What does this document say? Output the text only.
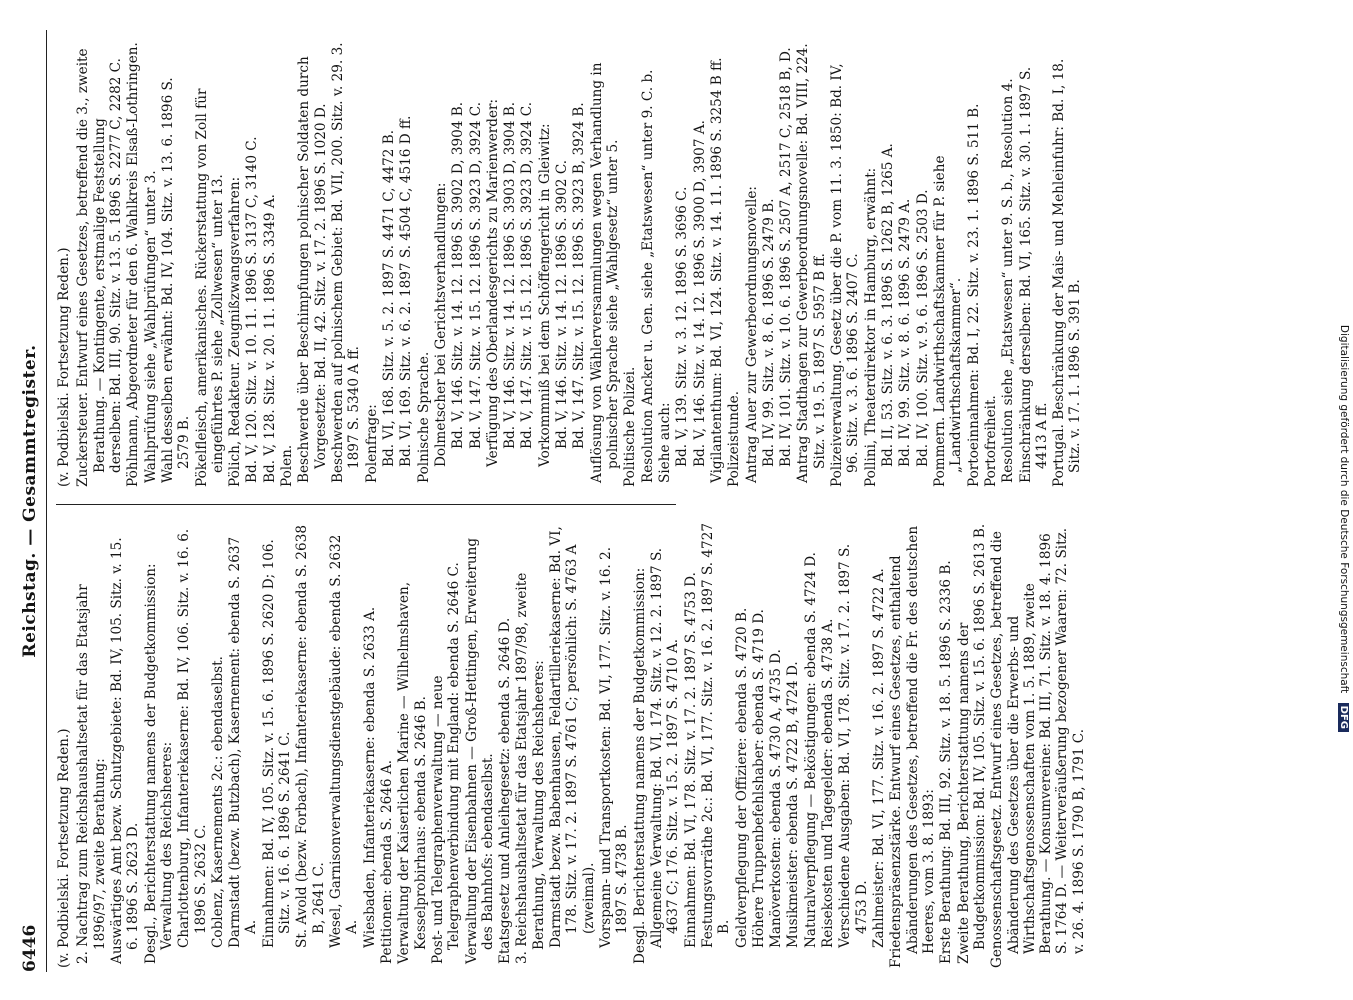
6446
Reichstag. — Gesammtregister.
(v. Podbielski. Fortsetzung Reden.) 2. Nachtrag zum Reichshaushaltsetat für das Etatsjahr 1896/97, zweite Berathung: Auswärtiges Amt bezw. Schutzgebiete: Bd. IV, 105. Sitz. v. 15. 6. 1896 S. 2623 D. Desgl., Berichterstattung namens der Budgetkommission: Verwaltung des Reichsheeres: Charlottenburg, Infanteriekaserne: Bd. IV, 106. Sitz. v. 16. 6. 1896 S. 2632 C. Coblenz, Kasernements 2c.: ebendaselbst. Darmstadt (bezw. Butzbach), Kasernement: ebenda S. 2637 A. Einnahmen: Bd. IV, 105. Sitz. v. 15. 6. 1896 S. 2620 D; 106. Sitz. v. 16. 6. 1896 S. 2641 C. St. Avold (bezw. Forbach), Infanteriekaserne: ebenda S. 2638 B, 2641 C. Wesel, Garnisonverwaltungsdienstgebäude: ebenda S. 2632 A. Wiesbaden, Infanteriekaserne: ebenda S. 2633 A. Petitionen: ebenda S. 2646 A. Verwaltung der Kaiserlichen Marine — Wilhelmshaven, Kesselprobirhaus: ebenda S. 2646 B. Post- und Telegraphenverwaltung — neue Telegraphenverbindung mit England: ebenda S. 2646 C. Verwaltung der Eisenbahnen — Groß-Hettingen, Erweiterung des Bahnhofs: ebendaselbst. Etatsgesetz und Anleihegesetz: ebenda S. 2646 D. 3. Reichshaushaltsetat für das Etatsjahr 1897/98, zweite Berathung, Verwaltung des Reichsheeres: Darmstadt bezw. Babenhausen, Feldartilleriekaserne: Bd. VI, 178. Sitz. v. 17. 2. 1897 S. 4761 C; persönlich: S. 4763 A (zweimal). Vorspann- und Transportkosten: Bd. VI, 177. Sitz. v. 16. 2. 1897 S. 4738 B. Desgl. Berichterstattung namens der Budgetkommission: Allgemeine Verwaltung: Bd. VI, 174. Sitz. v. 12. 2. 1897 S. 4637 C; 176. Sitz. v. 15. 2. 1897 S. 4710 A. Einnahmen: Bd. VI, 178. Sitz. v. 17. 2. 1897 S. 4753 D. Festungsvorräthe 2c.: Bd. VI, 177. Sitz. v. 16. 2. 1897 S. 4727 B. Geldverpflegung der Offiziere: ebenda S. 4720 B. Höhere Truppenbefehlshaber: ebenda S. 4719 D. Manöverkosten: ebenda S. 4730 A, 4735 D. Musikmeister: ebenda S. 4722 B, 4724 D. Naturalverpflegung — Beköstigungen: ebenda S. 4724 D. Reisekosten und Tagegelder: ebenda S. 4738 A. Verschiedene Ausgaben: Bd. VI, 178. Sitz. v. 17. 2. 1897 S. 4753 D. Zahlmeister: Bd. VI, 177. Sitz. v. 16. 2. 1897 S. 4722 A. Friedenspräsenzstärke. Entwurf eines Gesetzes, enthaltend Abänderungen des Gesetzes, betreffend die Fr. des deutschen Heeres, vom 3. 8. 1893: Erste Berathung: Bd. III, 92. Sitz. v. 18. 5. 1896 S. 2336 B. Zweite Berathung, Berichterstattung namens der Budgetkommission: Bd. IV, 105. Sitz. v. 15. 6. 1896 S. 2613 B. Genossenschaftsgesetz. Entwurf eines Gesetzes, betreffend die Abänderung des Gesetzes über die Erwerbs- und Wirthschaftsgenossenschaften vom 1. 5. 1889, zweite Berathung. — Konsumvereine: Bd. III, 71. Sitz. v. 18. 4. 1896 S. 1764 D. — Weiterveräußerung bezogener Waaren: 72. Sitz. v. 26. 4. 1896 S. 1790 B, 1791 C.
(v. Podbielski. Fortsetzung Reden.) Zuckersteuer. Entwurf eines Gesetzes, betreffend die 3., zweite Berathung. — Kontingente, erstmalige Feststellung derselben: Bd. III, 90. Sitz. v. 13. 5. 1896 S. 2277 C, 2282 C. Pöhlmann, Abgeordneter für den 6. Wahlkreis Elsaß-Lothringen. Wahlprüfung siehe „Wahlprüfungen“ unter 3. Wahl desselben erwähnt: Bd. IV, 104. Sitz. v. 13. 6. 1896 S. 2579 B. Pökelfleisch, amerikanisches. Rückerstattung von Zoll für eingeführtes P. siehe „Zollwesen“ unter 13. Pölich, Redakteur. Zeugnißzwangsverfahren: Bd. V, 120. Sitz. v. 10. 11. 1896 S. 3137 C, 3140 C. Bd. V, 128. Sitz. v. 20. 11. 1896 S. 3349 A. Polen. Beschwerde über Beschimpfungen polnischer Soldaten durch Vorgesetzte: Bd. II, 42. Sitz. v. 17. 2. 1896 S. 1020 D. Beschwerden auf polnischem Gebiet: Bd. VII, 200. Sitz. v. 29. 3. 1897 S. 5340 A ff. Polenfrage: Bd. VI, 168. Sitz. v. 5. 2. 1897 S. 4471 C, 4472 B. Bd. VI, 169. Sitz. v. 6. 2. 1897 S. 4504 C, 4516 D ff. Polnische Sprache. Dolmetscher bei Gerichtsverhandlungen: Bd. V, 146. Sitz. v. 14. 12. 1896 S. 3902 D, 3904 B. Bd. V, 147. Sitz. v. 15. 12. 1896 S. 3923 D, 3924 C. Verfügung des Oberlandesgerichts zu Marienwerder: Bd. V, 146. Sitz. v. 14. 12. 1896 S. 3903 D, 3904 B. Bd. V, 147. Sitz. v. 15. 12. 1896 S. 3923 D, 3924 C. Vorkommniß bei dem Schöffengericht in Gleiwitz: Bd. V, 146. Sitz. v. 14. 12. 1896 S. 3902 C. Bd. V, 147. Sitz. v. 15. 12. 1896 S. 3923 B, 3924 B. Auflösung von Wählerversammlungen wegen Verhandlung in polnischer Sprache siehe „Wahlgesetz“ unter 5. Politische Polizei. Resolution Ancker u. Gen. siehe „Etatswesen“ unter 9. C. b. Siehe auch: Bd. V, 139. Sitz. v. 3. 12. 1896 S. 3696 C. Bd. V, 146. Sitz. v. 14. 12. 1896 S. 3900 D, 3907 A. Vigilantenthum: Bd. VI, 124. Sitz. v. 14. 11. 1896 S. 3254 B ff. Polizeistunde. Antrag Auer zur Gewerbeordnungsnovelle: Bd. IV, 99. Sitz. v. 8. 6. 1896 S. 2479 B. Bd. IV, 101. Sitz. v. 10. 6. 1896 S. 2507 A, 2517 C, 2518 B, D. Antrag Stadthagen zur Gewerbeordnungsnovelle: Bd. VIII, 224. Sitz. v. 19. 5. 1897 S. 5957 B ff. Polizeiverwaltung. Gesetz über die P. vom 11. 3. 1850: Bd. IV, 96. Sitz. v. 3. 6. 1896 S. 2407 C. Pollini, Theaterdirektor in Hamburg, erwähnt: Bd. II, 53. Sitz. v. 6. 3. 1896 S. 1262 B, 1265 A. Bd. IV, 99. Sitz. v. 8. 6. 1896 S. 2479 A. Bd. IV, 100. Sitz. v. 9. 6. 1896 S. 2503 D. Pommern. Landwirthschaftskammer für P. siehe „Landwirthschaftskammer“. Portoeinnahmen: Bd. I, 22. Sitz. v. 23. 1. 1896 S. 511 B. Portofreiheit. Resolution siehe „Etatswesen“ unter 9. S. b., Resolution 4. Einschränkung derselben: Bd. VI, 165. Sitz. v. 30. 1. 1897 S. 4413 A ff. Portugal. Beschränkung der Mais- und Mehleinfuhr: Bd. I, 18. Sitz. v. 17. 1. 1896 S. 391 B.	Digitalisierung gefördert durch die Deutsche Forschungsgemeinschaft DFG
